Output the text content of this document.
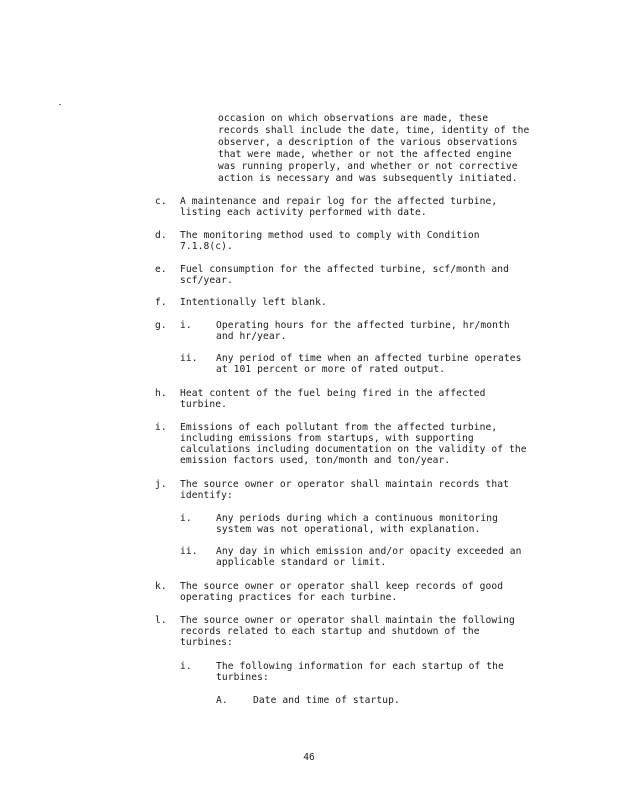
occasion on which observations are made, these
records shall include the date, time, identity of the
observer, a description of the various observations
that were made, whether or not the affected engine
was running properly, and whether or not corrective
action is necessary and was subsequently initiated.
c. A maintenance and repair log for the affected turbine,
listing each activity performed with date.
d. The monitoring method used to comply with Condition
7.1.8(c).
e. Fuel consumption for the affected turbine, scf/month and
scf/year.
f. Intentionally left blank.
g. i.	Operating hours for the affected turbine, hr/month
and hr/year.
ii. Any period of time when an affected turbine operates
at 101 percent or more of rated output.
h. Heat content of the fuel being fired in the affected
turbine.
i. Emissions of each pollutant from the affected turbine,
including emissions from startups, with supporting
calculations including documentation on the validity of the
emission factors used, ton/month and ton/year.
j. The source owner or operator shall maintain records that
identify:
i.	Any periods during which a continuous monitoring
system was not operational, with explanation.
ii. Any day in which emission and/or opacity exceeded an
applicable standard or limit.
k. The source owner or operator shall keep records of good
operating practices for each turbine.
l. The source owner or operator shall maintain the following
records related to each startup and shutdown of the
turbines:
i.	The following information for each startup of the
turbines:
A.	Date and time of startup.
46
